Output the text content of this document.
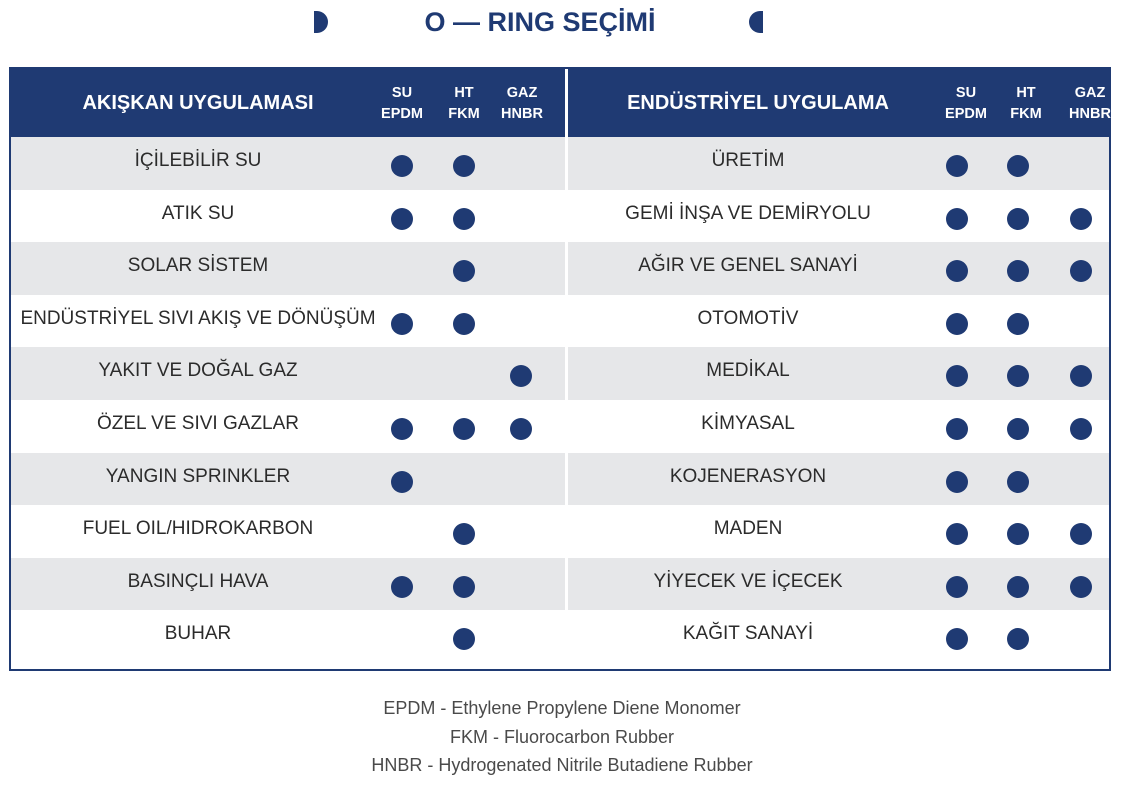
O — RING SEÇİMİ
AKIŞKAN UYGULAMASI	SU
EPDM
HT
FKM
GAZ
HNBR
İÇİLEBİLİR SU
ATIK SU
SOLAR SİSTEM
ENDÜSTRİYEL SIVI AKIŞ VE DÖNÜŞÜM
YAKIT VE DOĞAL GAZ
ÖZEL VE SIVI GAZLAR
YANGIN SPRINKLER
FUEL OIL/HIDROKARBON
BASINÇLI HAVA
BUHAR
ENDÜSTRİYEL UYGULAMA	SU
EPDM
HT
FKM
GAZ
HNBR
ÜRETİM
GEMİ İNŞA VE DEMİRYOLU
AĞIR VE GENEL SANAYİ
OTOMOTİV
MEDİKAL
KİMYASAL
KOJENERASYON
MADEN
YİYECEK VE İÇECEK
KAĞIT SANAYİ
EPDM - Ethylene Propylene Diene Monomer
FKM - Fluorocarbon Rubber
HNBR - Hydrogenated Nitrile Butadiene Rubber
